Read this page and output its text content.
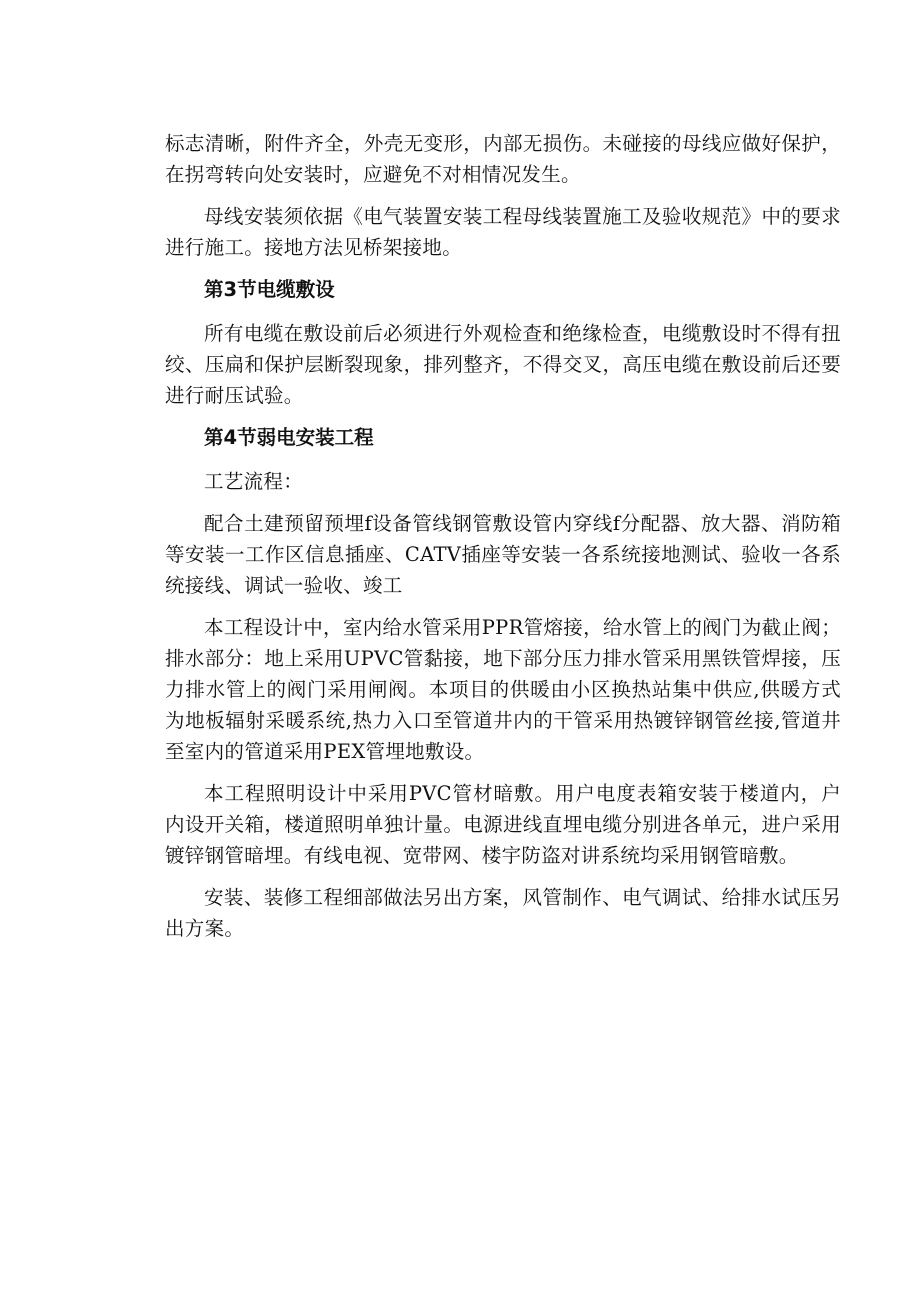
标志清晰，附件齐全，外壳无变形，内部无损伤。未碰接的母线应做好保护，在拐弯转向处安装时，应避免不对相情况发生。

母线安装须依据《电气装置安装工程母线装置施工及验收规范》中的要求进行施工。接地方法见桥架接地。

第3节电缆敷设

所有电缆在敷设前后必须进行外观检查和绝缘检查，电缆敷设时不得有扭绞、压扁和保护层断裂现象，排列整齐，不得交叉，高压电缆在敷设前后还要进行耐压试验。

第4节弱电安装工程

工艺流程：

配合土建预留预埋f设备管线钢管敷设管内穿线f分配器、放大器、消防箱等安装一工作区信息插座、CATV插座等安装一各系统接地测试、验收一各系统接线、调试一验收、竣工

本工程设计中，室内给水管采用PPR管熔接，给水管上的阀门为截止阀；排水部分：地上采用UPVC管黏接，地下部分压力排水管采用黑铁管焊接，压力排水管上的阀门采用闸阀。本项目的供暖由小区换热站集中供应,供暖方式为地板辐射采暖系统,热力入口至管道井内的干管采用热镀锌钢管丝接,管道井至室内的管道采用PEX管埋地敷设。

本工程照明设计中采用PVC管材暗敷。用户电度表箱安装于楼道内，户内设开关箱，楼道照明单独计量。电源进线直埋电缆分别进各单元，进户采用镀锌钢管暗埋。有线电视、宽带网、楼宇防盗对讲系统均采用钢管暗敷。

安装、装修工程细部做法另出方案，风管制作、电气调试、给排水试压另出方案。
